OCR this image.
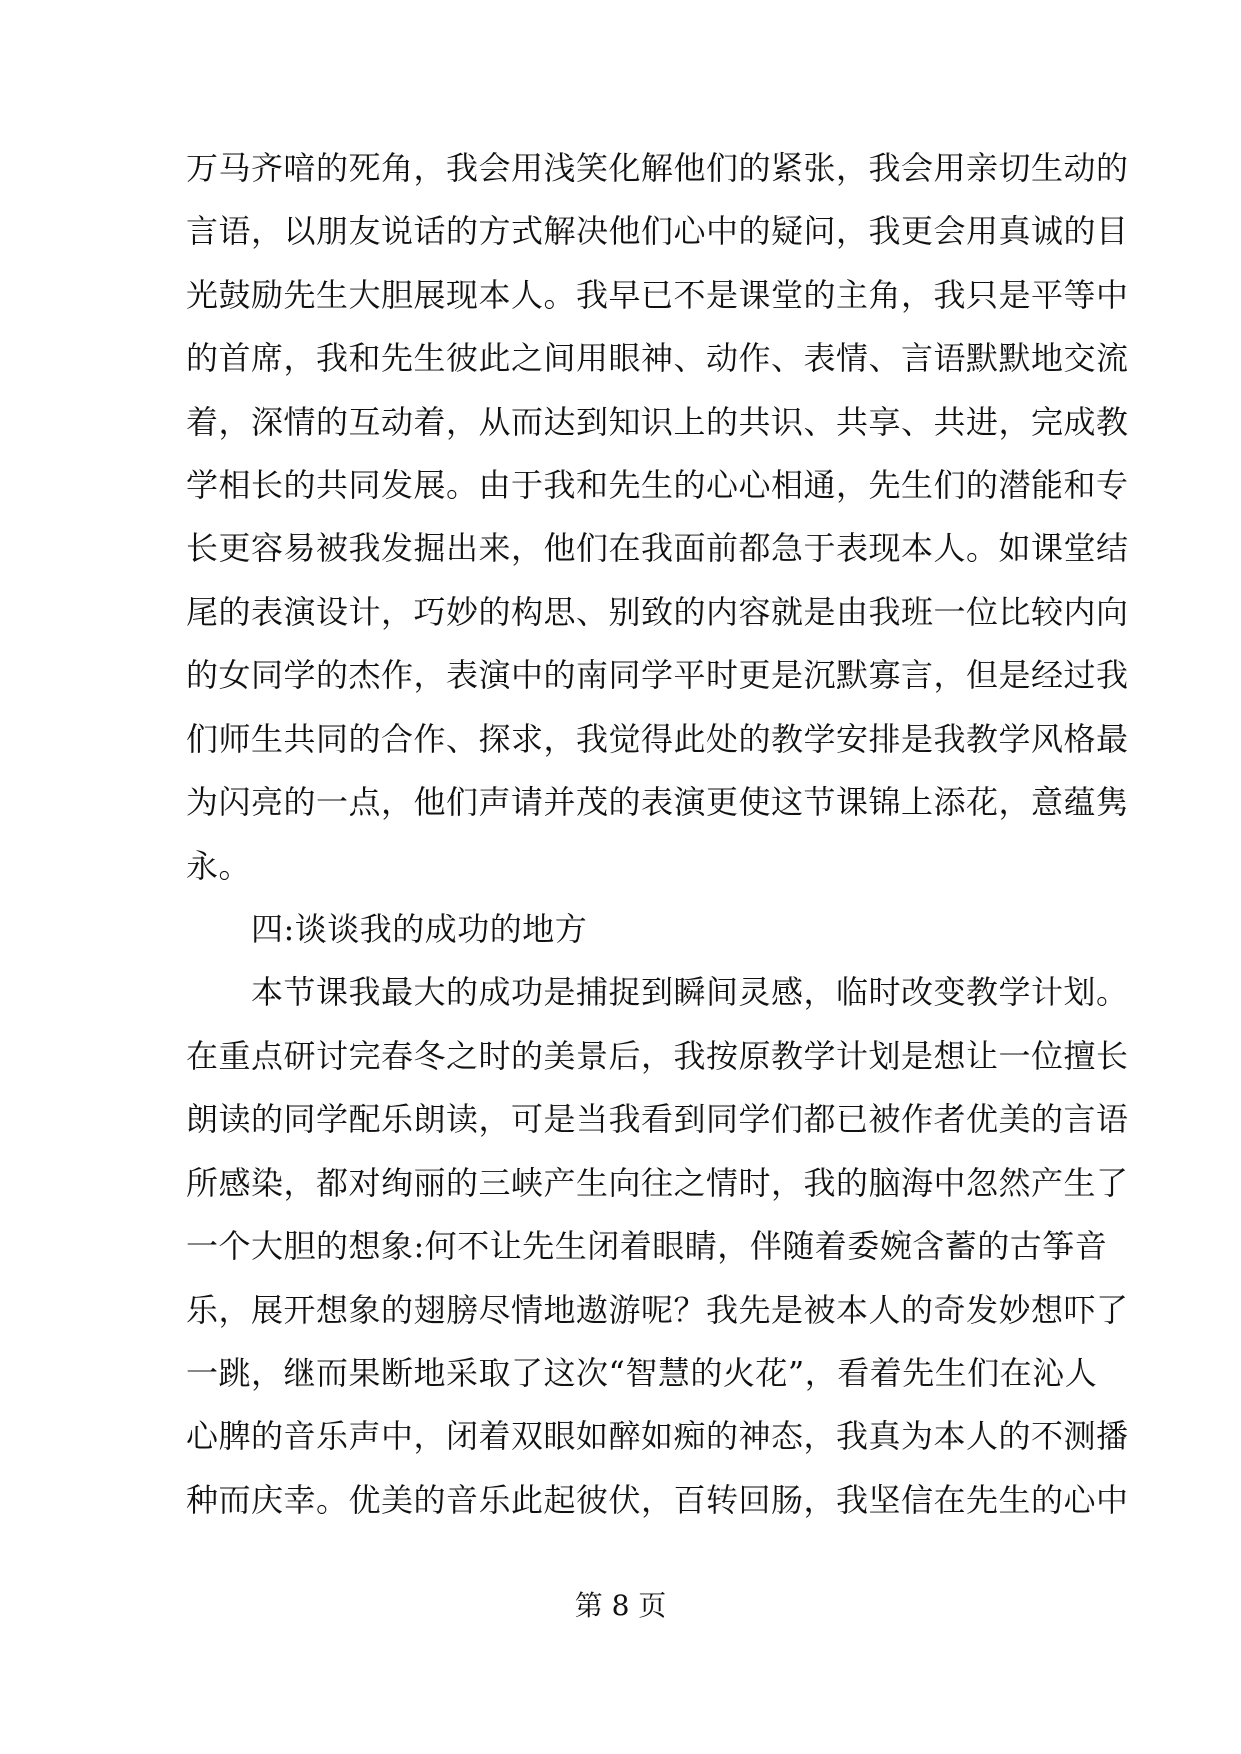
万马齐喑的死角，我会用浅笑化解他们的紧张，我会用亲切生动的
言语，以朋友说话的方式解决他们心中的疑问，我更会用真诚的目
光鼓励先生大胆展现本人。我早已不是课堂的主角，我只是平等中
的首席，我和先生彼此之间用眼神、动作、表情、言语默默地交流
着，深情的互动着，从而达到知识上的共识、共享、共进，完成教
学相长的共同发展。由于我和先生的心心相通，先生们的潜能和专
长更容易被我发掘出来，他们在我面前都急于表现本人。如课堂结
尾的表演设计，巧妙的构思、别致的内容就是由我班一位比较内向
的女同学的杰作，表演中的南同学平时更是沉默寡言，但是经过我
们师生共同的合作、探求，我觉得此处的教学安排是我教学风格最
为闪亮的一点，他们声请并茂的表演更使这节课锦上添花，意蕴隽
永。
　　四:谈谈我的成功的地方
　　本节课我最大的成功是捕捉到瞬间灵感，临时改变教学计划。
在重点研讨完春冬之时的美景后，我按原教学计划是想让一位擅长
朗读的同学配乐朗读，可是当我看到同学们都已被作者优美的言语
所感染，都对绚丽的三峡产生向往之情时，我的脑海中忽然产生了
一个大胆的想象:何不让先生闭着眼睛，伴随着委婉含蓄的古筝音
乐，展开想象的翅膀尽情地遨游呢？我先是被本人的奇发妙想吓了
一跳，继而果断地采取了这次“智慧的火花”，看着先生们在沁人
心脾的音乐声中，闭着双眼如醉如痴的神态，我真为本人的不测播
种而庆幸。优美的音乐此起彼伏，百转回肠，我坚信在先生的心中
第 8 页
